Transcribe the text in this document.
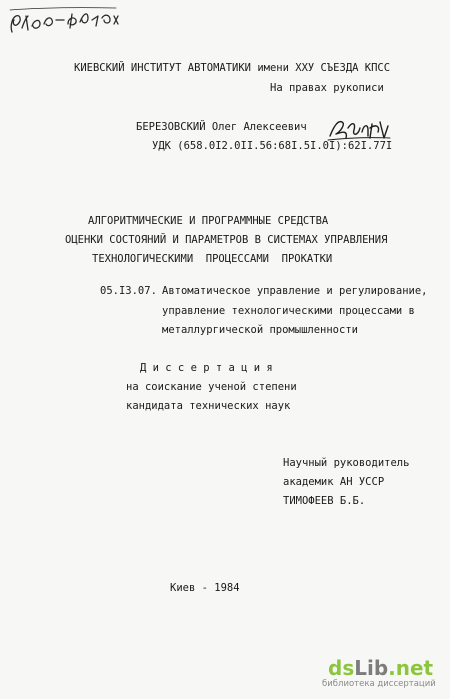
КИЕВСКИЙ ИНСТИТУТ АВТОМАТИКИ имени XXУ СЪЕЗДА КПСС
На правах рукописи
БЕРЕЗОВСКИЙ Олег Алексеевич
УДК (658.0I2.0II.56:68I.5I.0I):62I.77I
АЛГОРИТМИЧЕСКИЕ И ПРОГРАММНЫЕ СРЕДСТВА
ОЦЕНКИ СОСТОЯНИЙ И ПАРАМЕТРОВ В СИСТЕМАХ УПРАВЛЕНИЯ
ТЕХНОЛОГИЧЕСКИМИ  ПРОЦЕССАМИ  ПРОКАТКИ
05.I3.07. Автоматическое управление и регулирование,
управление технологическими процессами в
металлургической промышленности
Д и с с е р т а ц и я
на соискание ученой степени
кандидата технических наук
Научный руководитель
академик АН УССР
ТИМОФЕЕВ Б.Б.
Киев - 1984
dsLib.net
библиотека диссертаций
